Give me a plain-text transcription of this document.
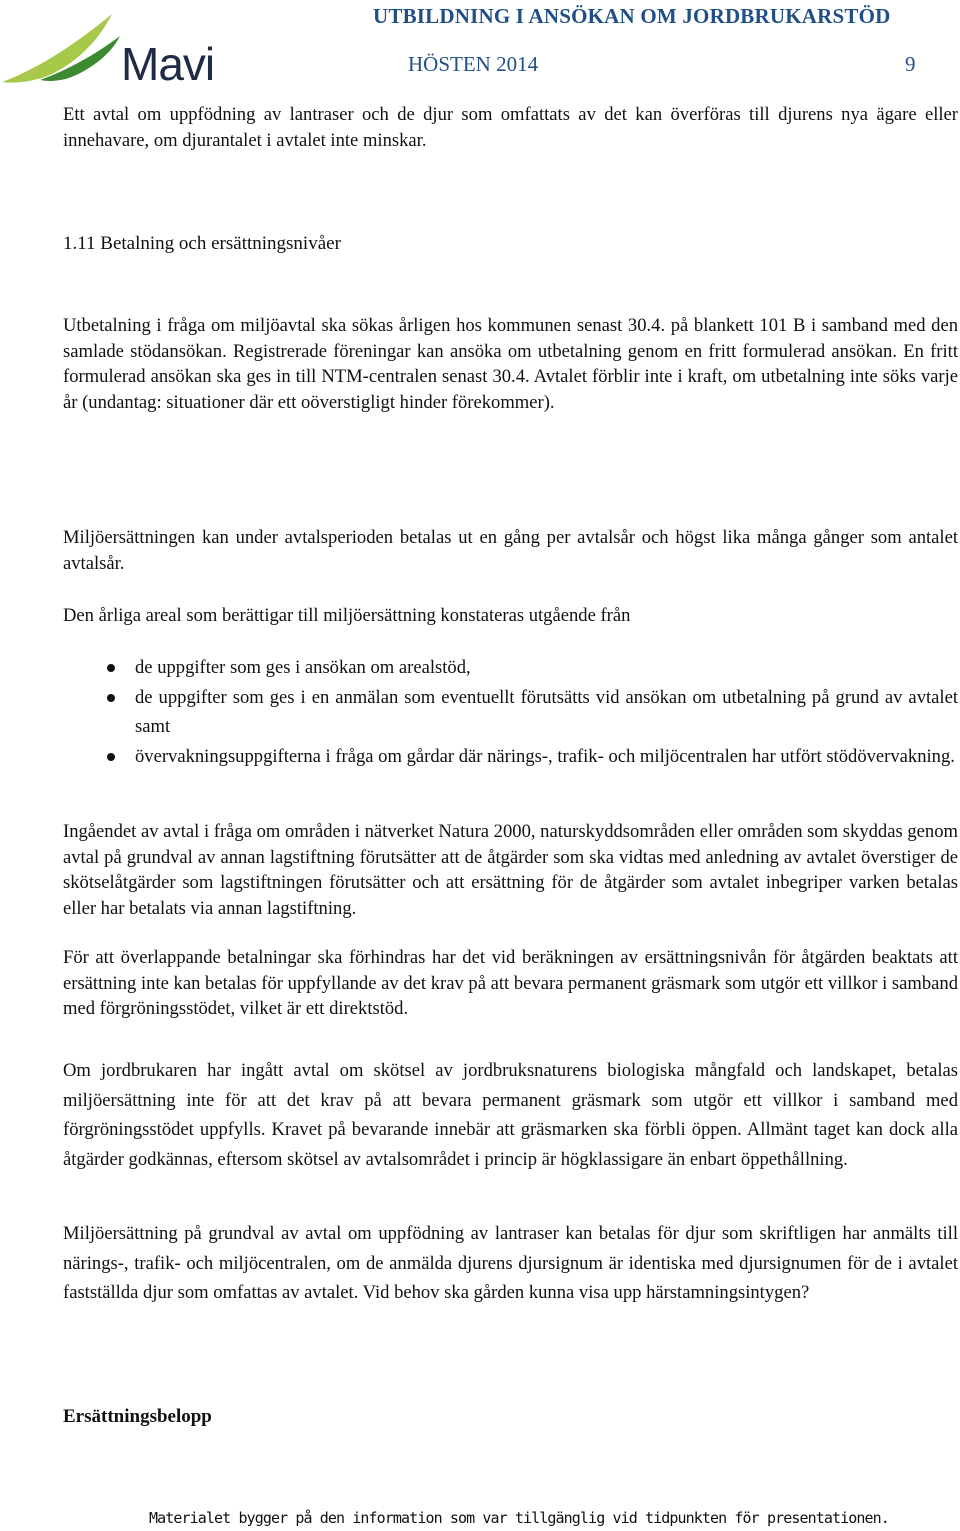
Mavi
UTBILDNING I ANSÖKAN OM JORDBRUKARSTÖD
HÖSTEN 2014	9

Ett avtal om uppfödning av lantraser och de djur som omfattats av det kan överföras till djurens nya ägare eller innehavare, om djurantalet i avtalet inte minskar.

1.11 Betalning och ersättningsnivåer

Utbetalning i fråga om miljöavtal ska sökas årligen hos kommunen senast 30.4. på blankett 101 B i samband med den samlade stödansökan. Registrerade föreningar kan ansöka om utbetalning genom en fritt formulerad ansökan. En fritt formulerad ansökan ska ges in till NTM-centralen senast 30.4. Avtalet förblir inte i kraft, om utbetalning inte söks varje år (undantag: situationer där ett oöverstigligt hinder förekommer).

Miljöersättningen kan under avtalsperioden betalas ut en gång per avtalsår och högst lika många gånger som antalet avtalsår.

Den årliga areal som berättigar till miljöersättning konstateras utgående från

de uppgifter som ges i ansökan om arealstöd,
de uppgifter som ges i en anmälan som eventuellt förutsätts vid ansökan om utbetalning på grund av avtalet samt
övervakningsuppgifterna i fråga om gårdar där närings-, trafik- och miljöcentralen har utfört stödövervakning.

Ingåendet av avtal i fråga om områden i nätverket Natura 2000, naturskyddsområden eller områden som skyddas genom avtal på grundval av annan lagstiftning förutsätter att de åtgärder som ska vidtas med anledning av avtalet överstiger de skötselåtgärder som lagstiftningen förutsätter och att ersättning för de åtgärder som avtalet inbegriper varken betalas eller har betalats via annan lagstiftning.

För att överlappande betalningar ska förhindras har det vid beräkningen av ersättningsnivån för åtgärden beaktats att ersättning inte kan betalas för uppfyllande av det krav på att bevara permanent gräsmark som utgör ett villkor i samband med förgröningsstödet, vilket är ett direktstöd.

Om jordbrukaren har ingått avtal om skötsel av jordbruksnaturens biologiska mångfald och landskapet, betalas miljöersättning inte för att det krav på att bevara permanent gräsmark som utgör ett villkor i samband med förgröningsstödet uppfylls. Kravet på bevarande innebär att gräsmarken ska förbli öppen. Allmänt taget kan dock alla åtgärder godkännas, eftersom skötsel av avtalsområdet i princip är högklassigare än enbart öppethållning.

Miljöersättning på grundval av avtal om uppfödning av lantraser kan betalas för djur som skriftligen har anmälts till närings-, trafik- och miljöcentralen, om de anmälda djurens djursignum är identiska med djursignumen för de i avtalet fastställda djur som omfattas av avtalet. Vid behov ska gården kunna visa upp härstamningsintygen?

Ersättningsbelopp
Materialet bygger på den information som var tillgänglig vid tidpunkten för presentationen.
